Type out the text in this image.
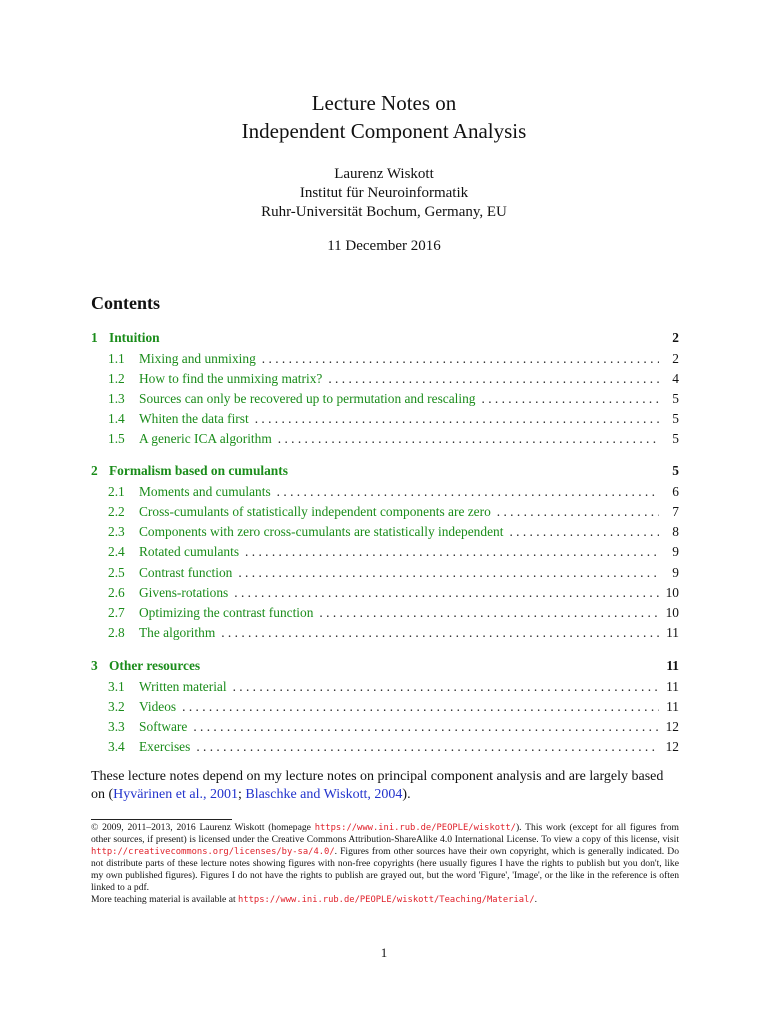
Lecture Notes on
Independent Component Analysis
Laurenz Wiskott
Institut für Neuroinformatik
Ruhr-Universität Bochum, Germany, EU
11 December 2016
Contents
1 Intuition	2
1.1	Mixing and unmixing . . .	2
1.2	How to find the unmixing matrix? . . .	4
1.3	Sources can only be recovered up to permutation and rescaling . . .	5
1.4	Whiten the data first . . .	5
1.5	A generic ICA algorithm . . .	5
2 Formalism based on cumulants	5
2.1	Moments and cumulants . . .	6
2.2	Cross-cumulants of statistically independent components are zero . . .	7
2.3	Components with zero cross-cumulants are statistically independent . . .	8
2.4	Rotated cumulants . . .	9
2.5	Contrast function . . .	9
2.6	Givens-rotations . . .	10
2.7	Optimizing the contrast function . . .	10
2.8	The algorithm . . .	11
3 Other resources	11
3.1	Written material . . .	11
3.2	Videos . . .	11
3.3	Software . . .	12
3.4	Exercises . . .	12
These lecture notes depend on my lecture notes on principal component analysis and are largely based on (Hyvärinen et al., 2001; Blaschke and Wiskott, 2004).
© 2009, 2011–2013, 2016 Laurenz Wiskott (homepage https://www.ini.rub.de/PEOPLE/wiskott/). This work (except for all figures from other sources, if present) is licensed under the Creative Commons Attribution-ShareAlike 4.0 International License. To view a copy of this license, visit http://creativecommons.org/licenses/by-sa/4.0/. Figures from other sources have their own copyright, which is generally indicated. Do not distribute parts of these lecture notes showing figures with non-free copyrights (here usually figures I have the rights to publish but you don't, like my own published figures). Figures I do not have the rights to publish are grayed out, but the word 'Figure', 'Image', or the like in the reference is often linked to a pdf.
More teaching material is available at https://www.ini.rub.de/PEOPLE/wiskott/Teaching/Material/.
1
